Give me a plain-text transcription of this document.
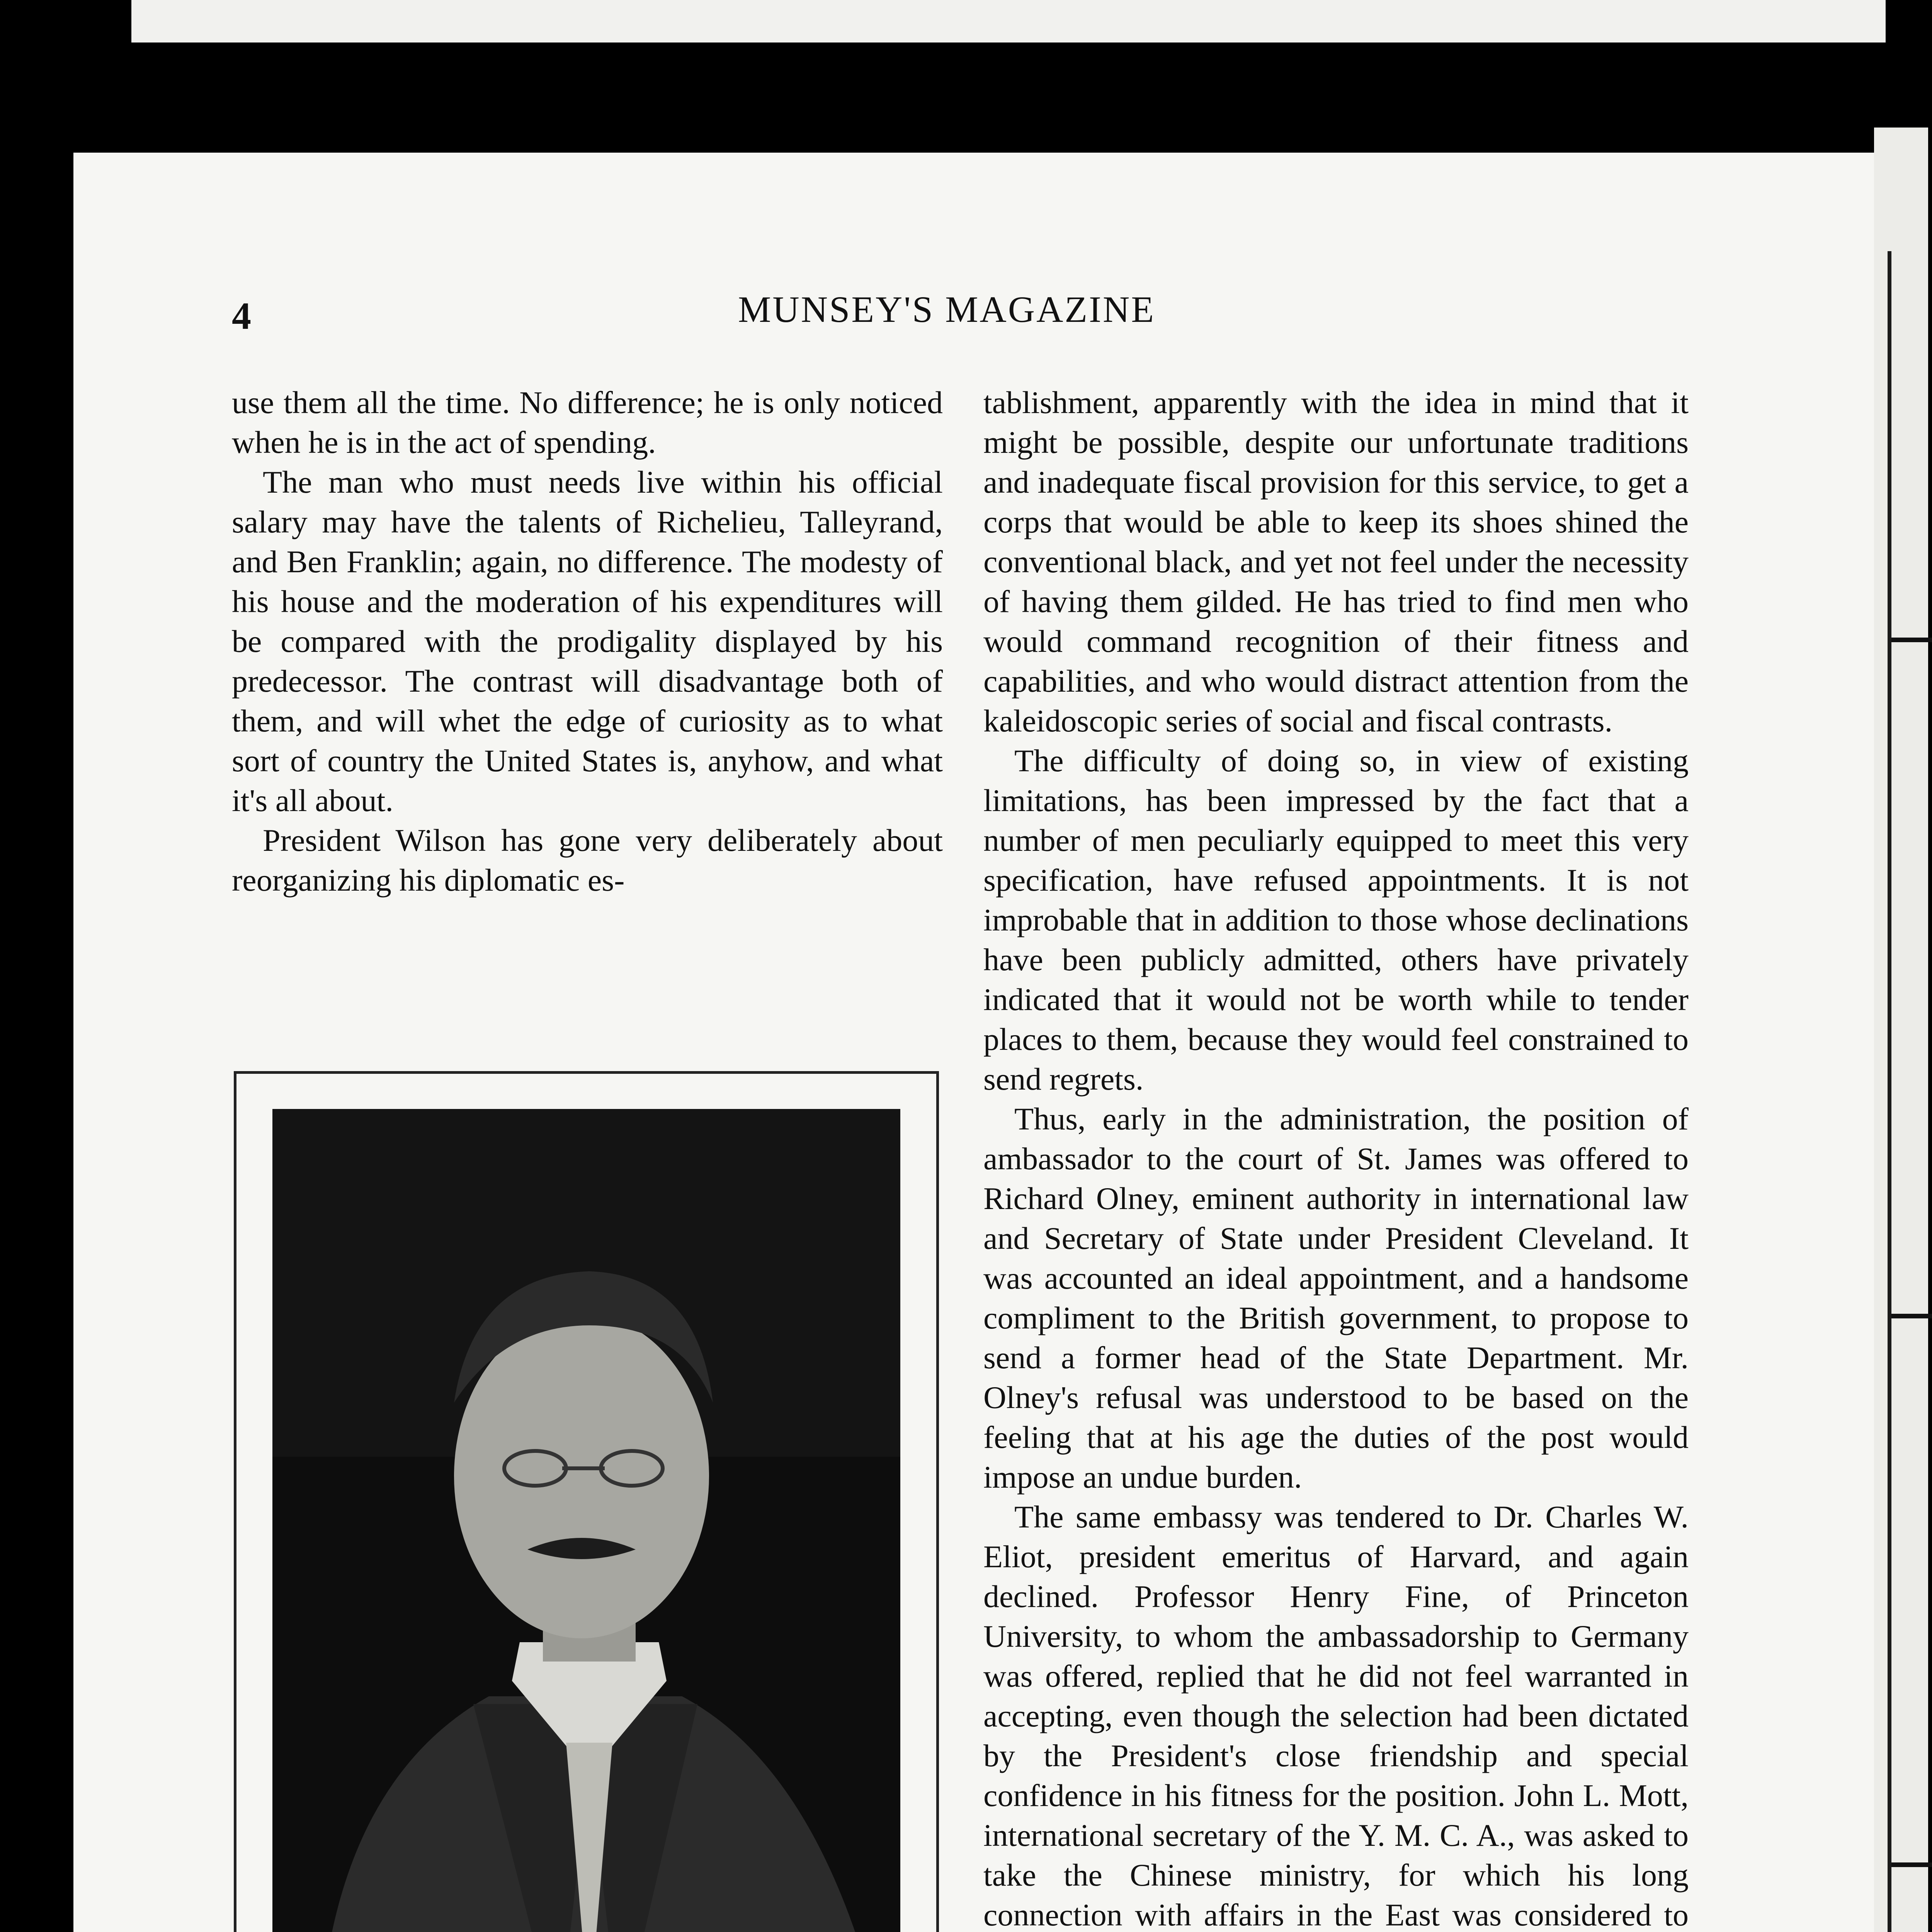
4	MUNSEY'S MAGAZINE

use them all the time. No difference; he is only noticed when he is in the act of spending.

The man who must needs live within his official salary may have the talents of Richelieu, Talleyrand, and Ben Franklin; again, no difference. The modesty of his house and the moderation of his expenditures will be compared with the prodigality displayed by his predecessor. The contrast will disadvantage both of them, and will whet the edge of curiosity as to what sort of country the United States is, anyhow, and what it's all about.

President Wilson has gone very deliberately about reorganizing his diplomatic es-

tablishment, apparently with the idea in mind that it might be possible, despite our unfortunate traditions and inadequate fiscal provision for this service, to get a corps that would be able to keep its shoes shined the conventional black, and yet not feel under the necessity of having them gilded. He has tried to find men who would command recognition of their fitness and capabilities, and who would distract attention from the kaleidoscopic series of social and fiscal contrasts.

The difficulty of doing so, in view of existing limitations, has been impressed by the fact that a number of men peculiarly equipped to meet this very specification, have refused appointments. It is not improbable that in addition to those whose declinations have been publicly admitted, others have privately indicated that it would not be worth while to tender places to them, because they would feel constrained to send regrets.

Thus, early in the administration, the position of ambassador to the court of St. James was offered to Richard Olney, eminent authority in international law and Secretary of State under President Cleveland. It was accounted an ideal appointment, and a handsome compliment to the British government, to propose to send a former head of the State Department. Mr. Olney's refusal was understood to be based on the feeling that at his age the duties of the post would impose an undue burden.

The same embassy was tendered to Dr. Charles W. Eliot, president emeritus of Harvard, and again declined. Professor Henry Fine, of Princeton University, to whom the ambassadorship to Germany was offered, replied that he did not feel warranted in accepting, even though the selection had been dictated by the President's close friendship and special confidence in his fitness for the position. John L. Mott, international secretary of the Y. M. C. A., was asked to take the Chinese ministry, for which his long connection with affairs in the East was considered to
